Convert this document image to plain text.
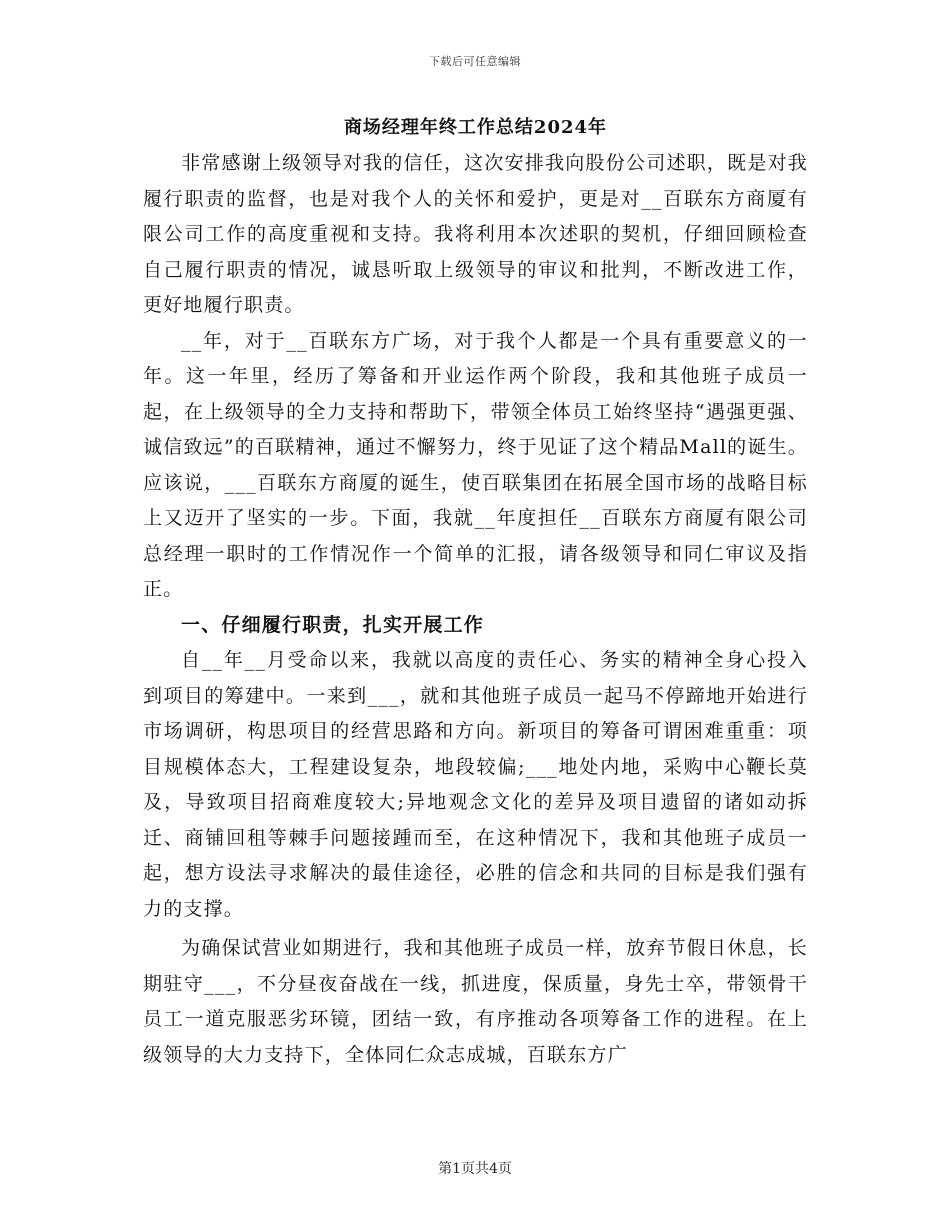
下载后可任意编辑
商场经理年终工作总结2024年

非常感谢上级领导对我的信任，这次安排我向股份公司述职，既是对我履行职责的监督，也是对我个人的关怀和爱护，更是对__百联东方商厦有限公司工作的高度重视和支持。我将利用本次述职的契机，仔细回顾检查自己履行职责的情况，诚恳听取上级领导的审议和批判，不断改进工作，更好地履行职责。

__年，对于__百联东方广场，对于我个人都是一个具有重要意义的一年。这一年里，经历了筹备和开业运作两个阶段，我和其他班子成员一起，在上级领导的全力支持和帮助下，带领全体员工始终坚持“遇强更强、诚信致远”的百联精神，通过不懈努力，终于见证了这个精品Mall的诞生。应该说，___百联东方商厦的诞生，使百联集团在拓展全国市场的战略目标上又迈开了坚实的一步。下面，我就__年度担任__百联东方商厦有限公司总经理一职时的工作情况作一个简单的汇报，请各级领导和同仁审议及指正。

一、仔细履行职责，扎实开展工作

自__年__月受命以来，我就以高度的责任心、务实的精神全身心投入到项目的筹建中。一来到___，就和其他班子成员一起马不停蹄地开始进行市场调研，构思项目的经营思路和方向。新项目的筹备可谓困难重重：项目规模体态大，工程建设复杂，地段较偏;___地处内地，采购中心鞭长莫及，导致项目招商难度较大;异地观念文化的差异及项目遗留的诸如动拆迁、商铺回租等棘手问题接踵而至，在这种情况下，我和其他班子成员一起，想方设法寻求解决的最佳途径，必胜的信念和共同的目标是我们强有力的支撑。

为确保试营业如期进行，我和其他班子成员一样，放弃节假日休息，长期驻守___，不分昼夜奋战在一线，抓进度，保质量，身先士卒，带领骨干员工一道克服恶劣环镜，团结一致，有序推动各项筹备工作的进程。在上级领导的大力支持下，全体同仁众志成城，百联东方广

第1页共4页
